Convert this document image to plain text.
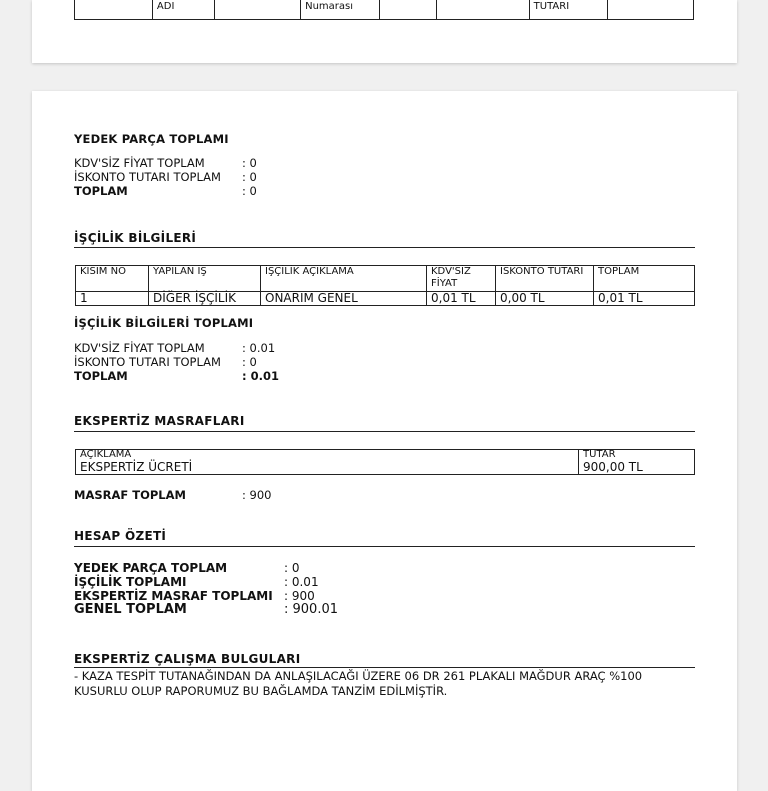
	ADI		Numarası			TUTARI	
YEDEK PARÇA TOPLAMI
KDV'SİZ FİYAT TOPLAM	: 0
İSKONTO TUTARI TOPLAM : 0
TOPLAM	: 0
İŞÇİLİK BİLGİLERİ
KISIM NO	YAPILAN İŞ	İŞÇİLİK AÇIKLAMA	KDV'SİZ FİYAT	İSKONTO TUTARI	TOPLAM
1	DİĞER İŞÇİLİK	ONARIM GENEL	0,01 TL	0,00 TL	0,01 TL
İŞÇİLİK BİLGİLERİ TOPLAMI
KDV'SİZ FİYAT TOPLAM	: 0.01
İSKONTO TUTARI TOPLAM : 0
TOPLAM	: 0.01
EKSPERTİZ MASRAFLARI
AÇIKLAMA	TUTAR
EKSPERTİZ ÜCRETİ	900,00 TL
MASRAF TOPLAM	: 900
HESAP ÖZETİ
YEDEK PARÇA TOPLAM	: 0
İŞÇİLİK TOPLAMI	: 0.01
EKSPERTİZ MASRAF TOPLAMI : 900
GENEL TOPLAM	: 900.01
EKSPERTİZ ÇALIŞMA BULGULARI
- KAZA TESPİT TUTANAĞINDAN DA ANLAŞILACAĞI ÜZERE 06 DR 261 PLAKALI MAĞDUR ARAÇ %100
KUSURLU OLUP RAPORUMUZ BU BAĞLAMDA TANZİM EDİLMİŞTİR.
